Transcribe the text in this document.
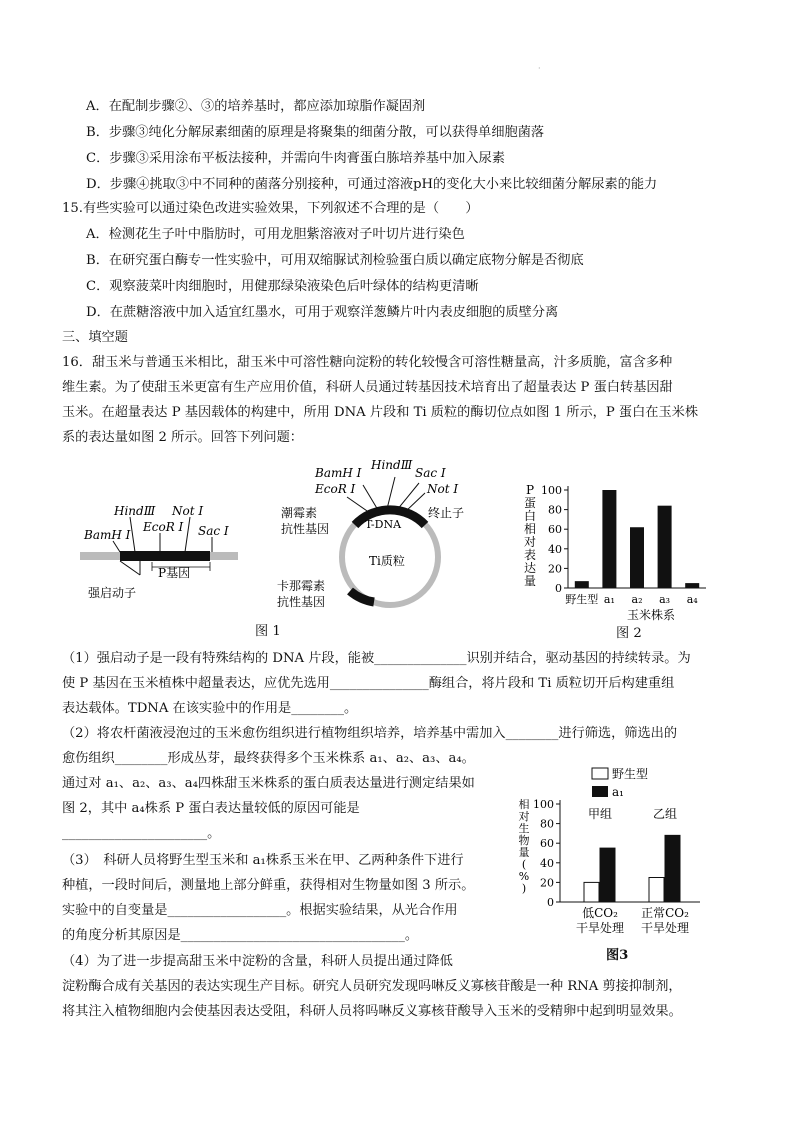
·
A．在配制步骤②、③的培养基时，都应添加琼脂作凝固剂
B．步骤③纯化分解尿素细菌的原理是将聚集的细菌分散，可以获得单细胞菌落
C．步骤③采用涂布平板法接种，并需向牛肉膏蛋白胨培养基中加入尿素
D．步骤④挑取③中不同种的菌落分别接种，可通过溶液pH的变化大小来比较细菌分解尿素的能力
15.有些实验可以通过染色改进实验效果，下列叙述不合理的是（　　）
A．检测花生子叶中脂肪时，可用龙胆紫溶液对子叶切片进行染色
B．在研究蛋白酶专一性实验中，可用双缩脲试剂检验蛋白质以确定底物分解是否彻底
C．观察菠菜叶肉细胞时，用健那绿染液染色后叶绿体的结构更清晰
D．在蔗糖溶液中加入适宜红墨水，可用于观察洋葱鳞片叶内表皮细胞的质壁分离
三、填空题
16．甜玉米与普通玉米相比，甜玉米中可溶性糖向淀粉的转化较慢含可溶性糖量高，汁多质脆，富含多种
维生素。为了使甜玉米更富有生产应用价值，科研人员通过转基因技术培育出了超量表达 P 蛋白转基因甜
玉米。在超量表达 P 基因载体的构建中，所用 DNA 片段和 Ti 质粒的酶切位点如图 1 所示，P 蛋白在玉米株
系的表达量如图 2 所示。回答下列问题：
BamH Ⅰ
HindⅢ
EcoR Ⅰ
Not Ⅰ
Sac Ⅰ
P基因
强启动子
BamH Ⅰ
HindⅢ
Sac Ⅰ
EcoR Ⅰ	Not Ⅰ
T-DNA
终止子
潮霉素
抗性基因
Ti质粒
卡那霉素
抗性基因
图 1
0
20
40
60
80
100
野生型 a₁ a₂ a₃ a₄
P
蛋
白
相
对
表
达
量
玉米株系
图 2
（1）强启动子是一段有特殊结构的 DNA 片段，能被______________识别并结合，驱动基因的持续转录。为
使 P 基因在玉米植株中超量表达，应优先选用_______________酶组合，将片段和 Ti 质粒切开后构建重组
表达载体。TDNA 在该实验中的作用是________。
（2）将农杆菌液浸泡过的玉米愈伤组织进行植物组织培养，培养基中需加入________进行筛选，筛选出的
愈伤组织________形成丛芽，最终获得多个玉米株系 a₁、a₂、a₃、a₄。
通过对 a₁、a₂、a₃、a₄四株甜玉米株系的蛋白质表达量进行测定结果如
图 2，其中 a₄株系 P 蛋白表达量较低的原因可能是
______________________。
（3）　科研人员将野生型玉米和 a₁株系玉米在甲、乙两种条件下进行
种植，一段时间后，测量地上部分鲜重，获得相对生物量如图 3 所示。
实验中的自变量是__________________。根据实验结果，从光合作用
的角度分析其原因是__________________________________。
（4）为了进一步提高甜玉米中淀粉的含量，科研人员提出通过降低
淀粉酶合成有关基因的表达实现生产目标。研究人员研究发现吗啉反义寡核苷酸是一种 RNA 剪接抑制剂，
将其注入植物细胞内会使基因表达受阻，科研人员将吗啉反义寡核苷酸导入玉米的受精卵中起到明显效果。
野生型
a₁
0
20
40
60
80
100
甲组	乙组
低CO₂
干旱处理
正常CO₂
干旱处理
相
对
生
物
量
(
%
)
图3
